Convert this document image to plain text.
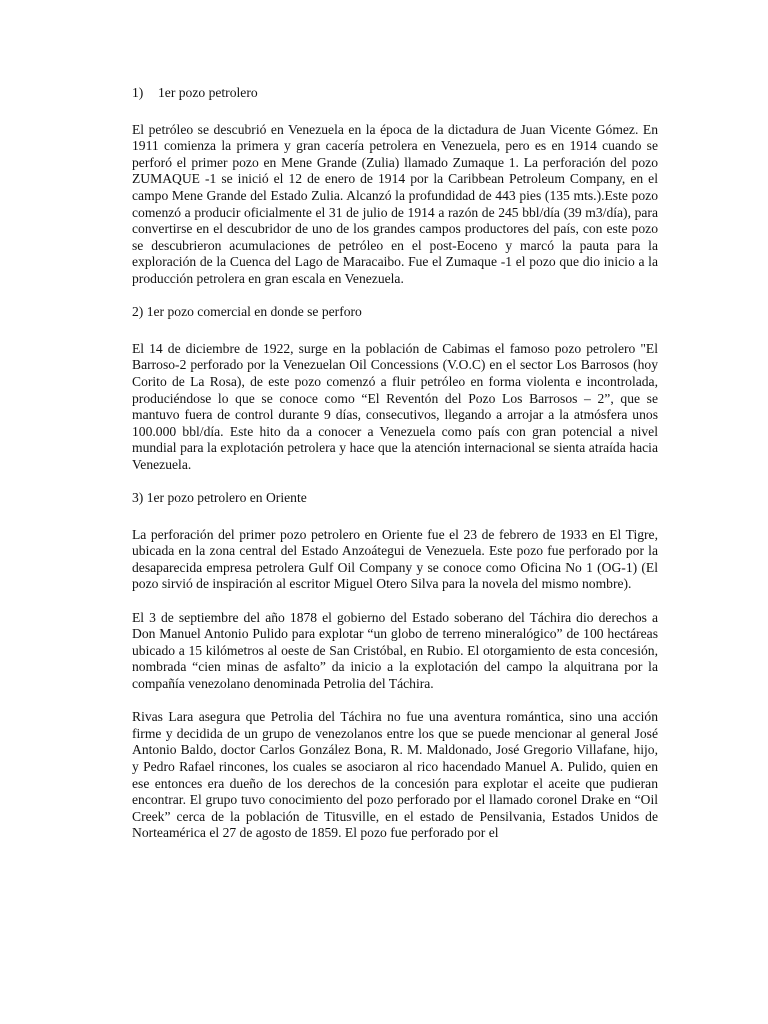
1) 1er pozo petrolero

El petróleo se descubrió en Venezuela en la época de la dictadura de Juan Vicente Gómez. En 1911 comienza la primera y gran cacería petrolera en Venezuela, pero es en 1914 cuando se perforó el primer pozo en Mene Grande (Zulia) llamado Zumaque 1. La perforación del pozo ZUMAQUE -1 se inició el 12 de enero de 1914 por la Caribbean Petroleum Company, en el campo Mene Grande del Estado Zulia. Alcanzó la profundidad de 443 pies (135 mts.).Este pozo comenzó a producir oficialmente el 31 de julio de 1914 a razón de 245 bbl/día (39 m3/día), para convertirse en el descubridor de uno de los grandes campos productores del país, con este pozo se descubrieron acumulaciones de petróleo en el post-Eoceno y marcó la pauta para la exploración de la Cuenca del Lago de Maracaibo. Fue el Zumaque -1 el pozo que dio inicio a la producción petrolera en gran escala en Venezuela.

2) 1er pozo comercial en donde se perforo

El 14 de diciembre de 1922, surge en la población de Cabimas el famoso pozo petrolero "El Barroso-2 perforado por la Venezuelan Oil Concessions (V.O.C) en el sector Los Barrosos (hoy Corito de La Rosa), de este pozo comenzó a fluir petróleo en forma violenta e incontrolada, produciéndose lo que se conoce como “El Reventón del Pozo Los Barrosos – 2”, que se mantuvo fuera de control durante 9 días, consecutivos, llegando a arrojar a la atmósfera unos 100.000 bbl/día. Este hito da a conocer a Venezuela como país con gran potencial a nivel mundial para la explotación petrolera y hace que la atención internacional se sienta atraída hacia Venezuela.

3) 1er pozo petrolero en Oriente

La perforación del primer pozo petrolero en Oriente fue el 23 de febrero de 1933 en El Tigre, ubicada en la zona central del Estado Anzoátegui de Venezuela. Este pozo fue perforado por la desaparecida empresa petrolera Gulf Oil Company y se conoce como Oficina No 1 (OG-1) (El pozo sirvió de inspiración al escritor Miguel Otero Silva para la novela del mismo nombre).

El 3 de septiembre del año 1878 el gobierno del Estado soberano del Táchira dio derechos a Don Manuel Antonio Pulido para explotar “un globo de terreno mineralógico” de 100 hectáreas ubicado a 15 kilómetros al oeste de San Cristóbal, en Rubio. El otorgamiento de esta concesión, nombrada “cien minas de asfalto” da inicio a la explotación del campo la alquitrana por la compañía venezolano denominada Petrolia del Táchira.

Rivas Lara asegura que Petrolia del Táchira no fue una aventura romántica, sino una acción firme y decidida de un grupo de venezolanos entre los que se puede mencionar al general José Antonio Baldo, doctor Carlos González Bona, R. M. Maldonado, José Gregorio Villafane, hijo, y Pedro Rafael rincones, los cuales se asociaron al rico hacendado Manuel A. Pulido, quien en ese entonces era dueño de los derechos de la concesión para explotar el aceite que pudieran encontrar. El grupo tuvo conocimiento del pozo perforado por el llamado coronel Drake en “Oil Creek” cerca de la población de Titusville, en el estado de Pensilvania, Estados Unidos de Norteamérica el 27 de agosto de 1859. El pozo fue perforado por el
